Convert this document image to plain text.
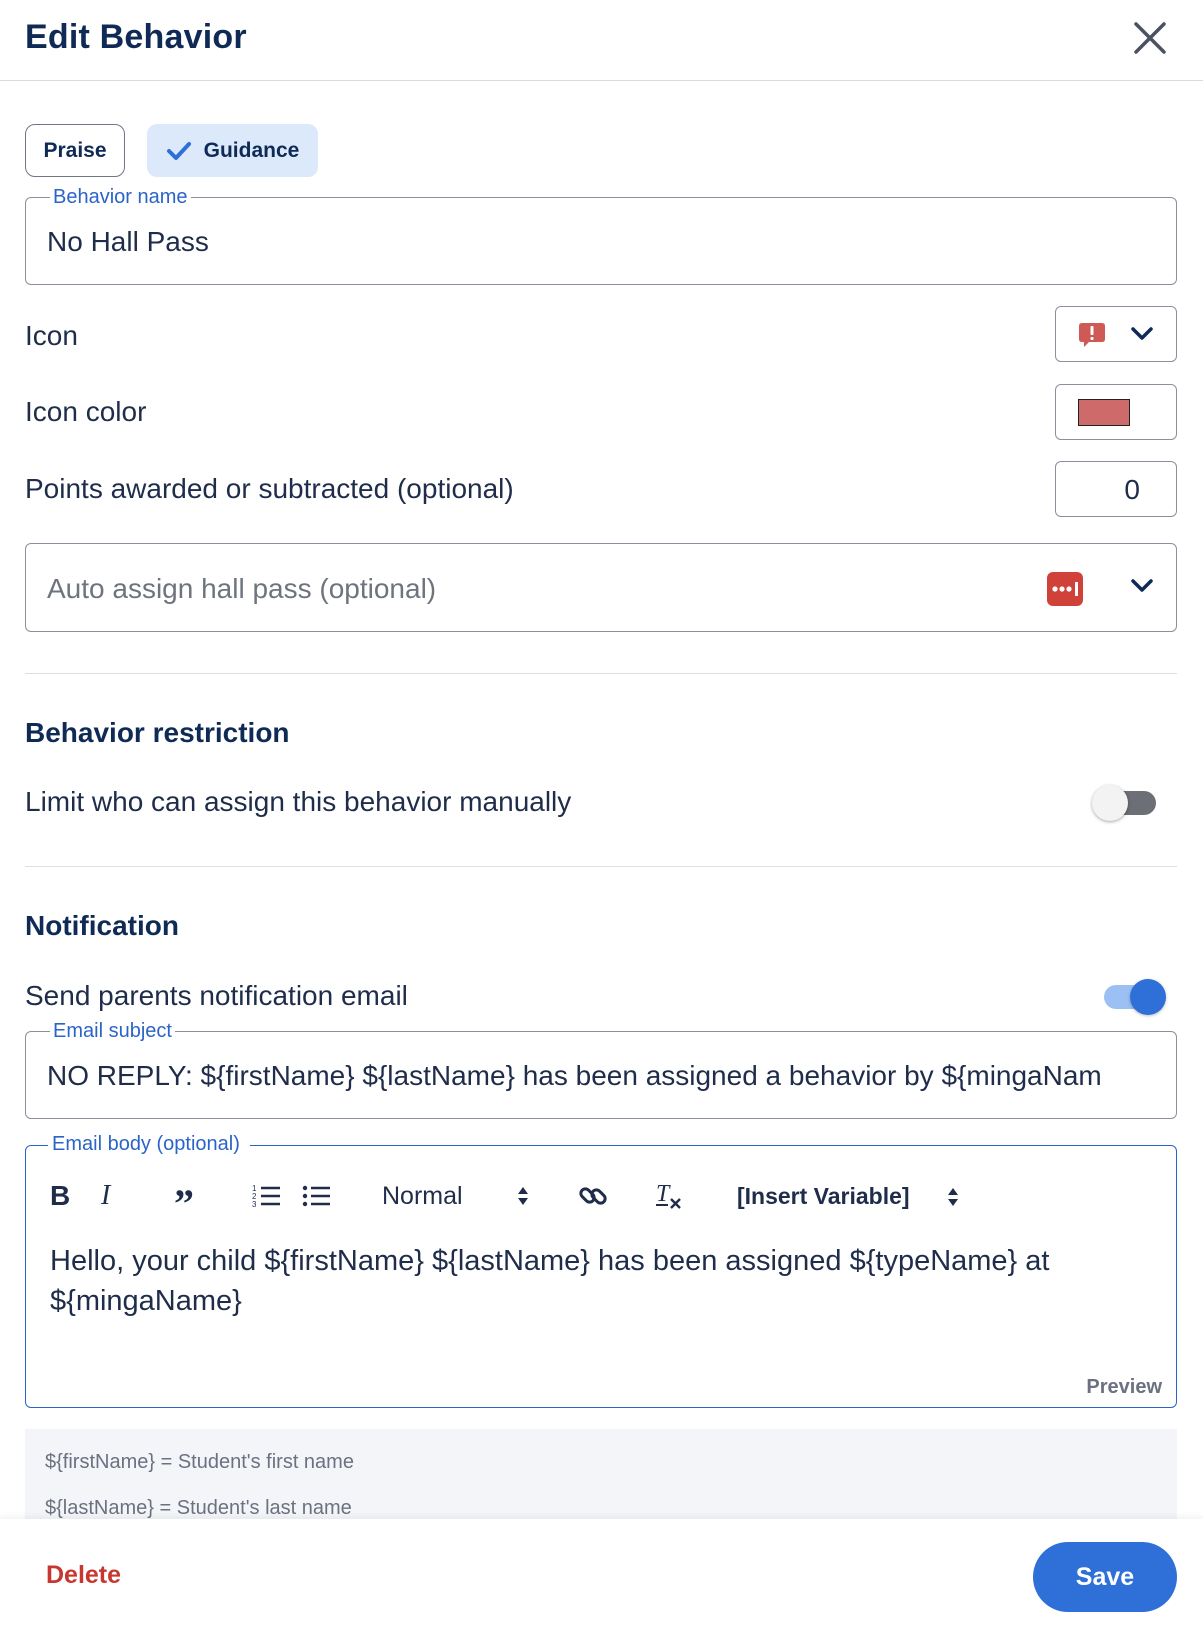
Edit Behavior
Praise	Guidance
Behavior name
No Hall Pass
Icon
Icon color
Points awarded or subtracted (optional)	0
Auto assign hall pass (optional)
Behavior restriction
Limit who can assign this behavior manually
Notification
Send parents notification email
Email subject
NO REPLY: ${firstName} ${lastName} has been assigned a behavior by ${mingaNam
Email body (optional)
B I ”	1
2
3	Normal	T	[Insert Variable]
Hello, your child ${firstName} ${lastName} has been assigned ${typeName} at
${mingaName}
Preview
${firstName} = Student's first name
${lastName} = Student's last name
Delete	Save
